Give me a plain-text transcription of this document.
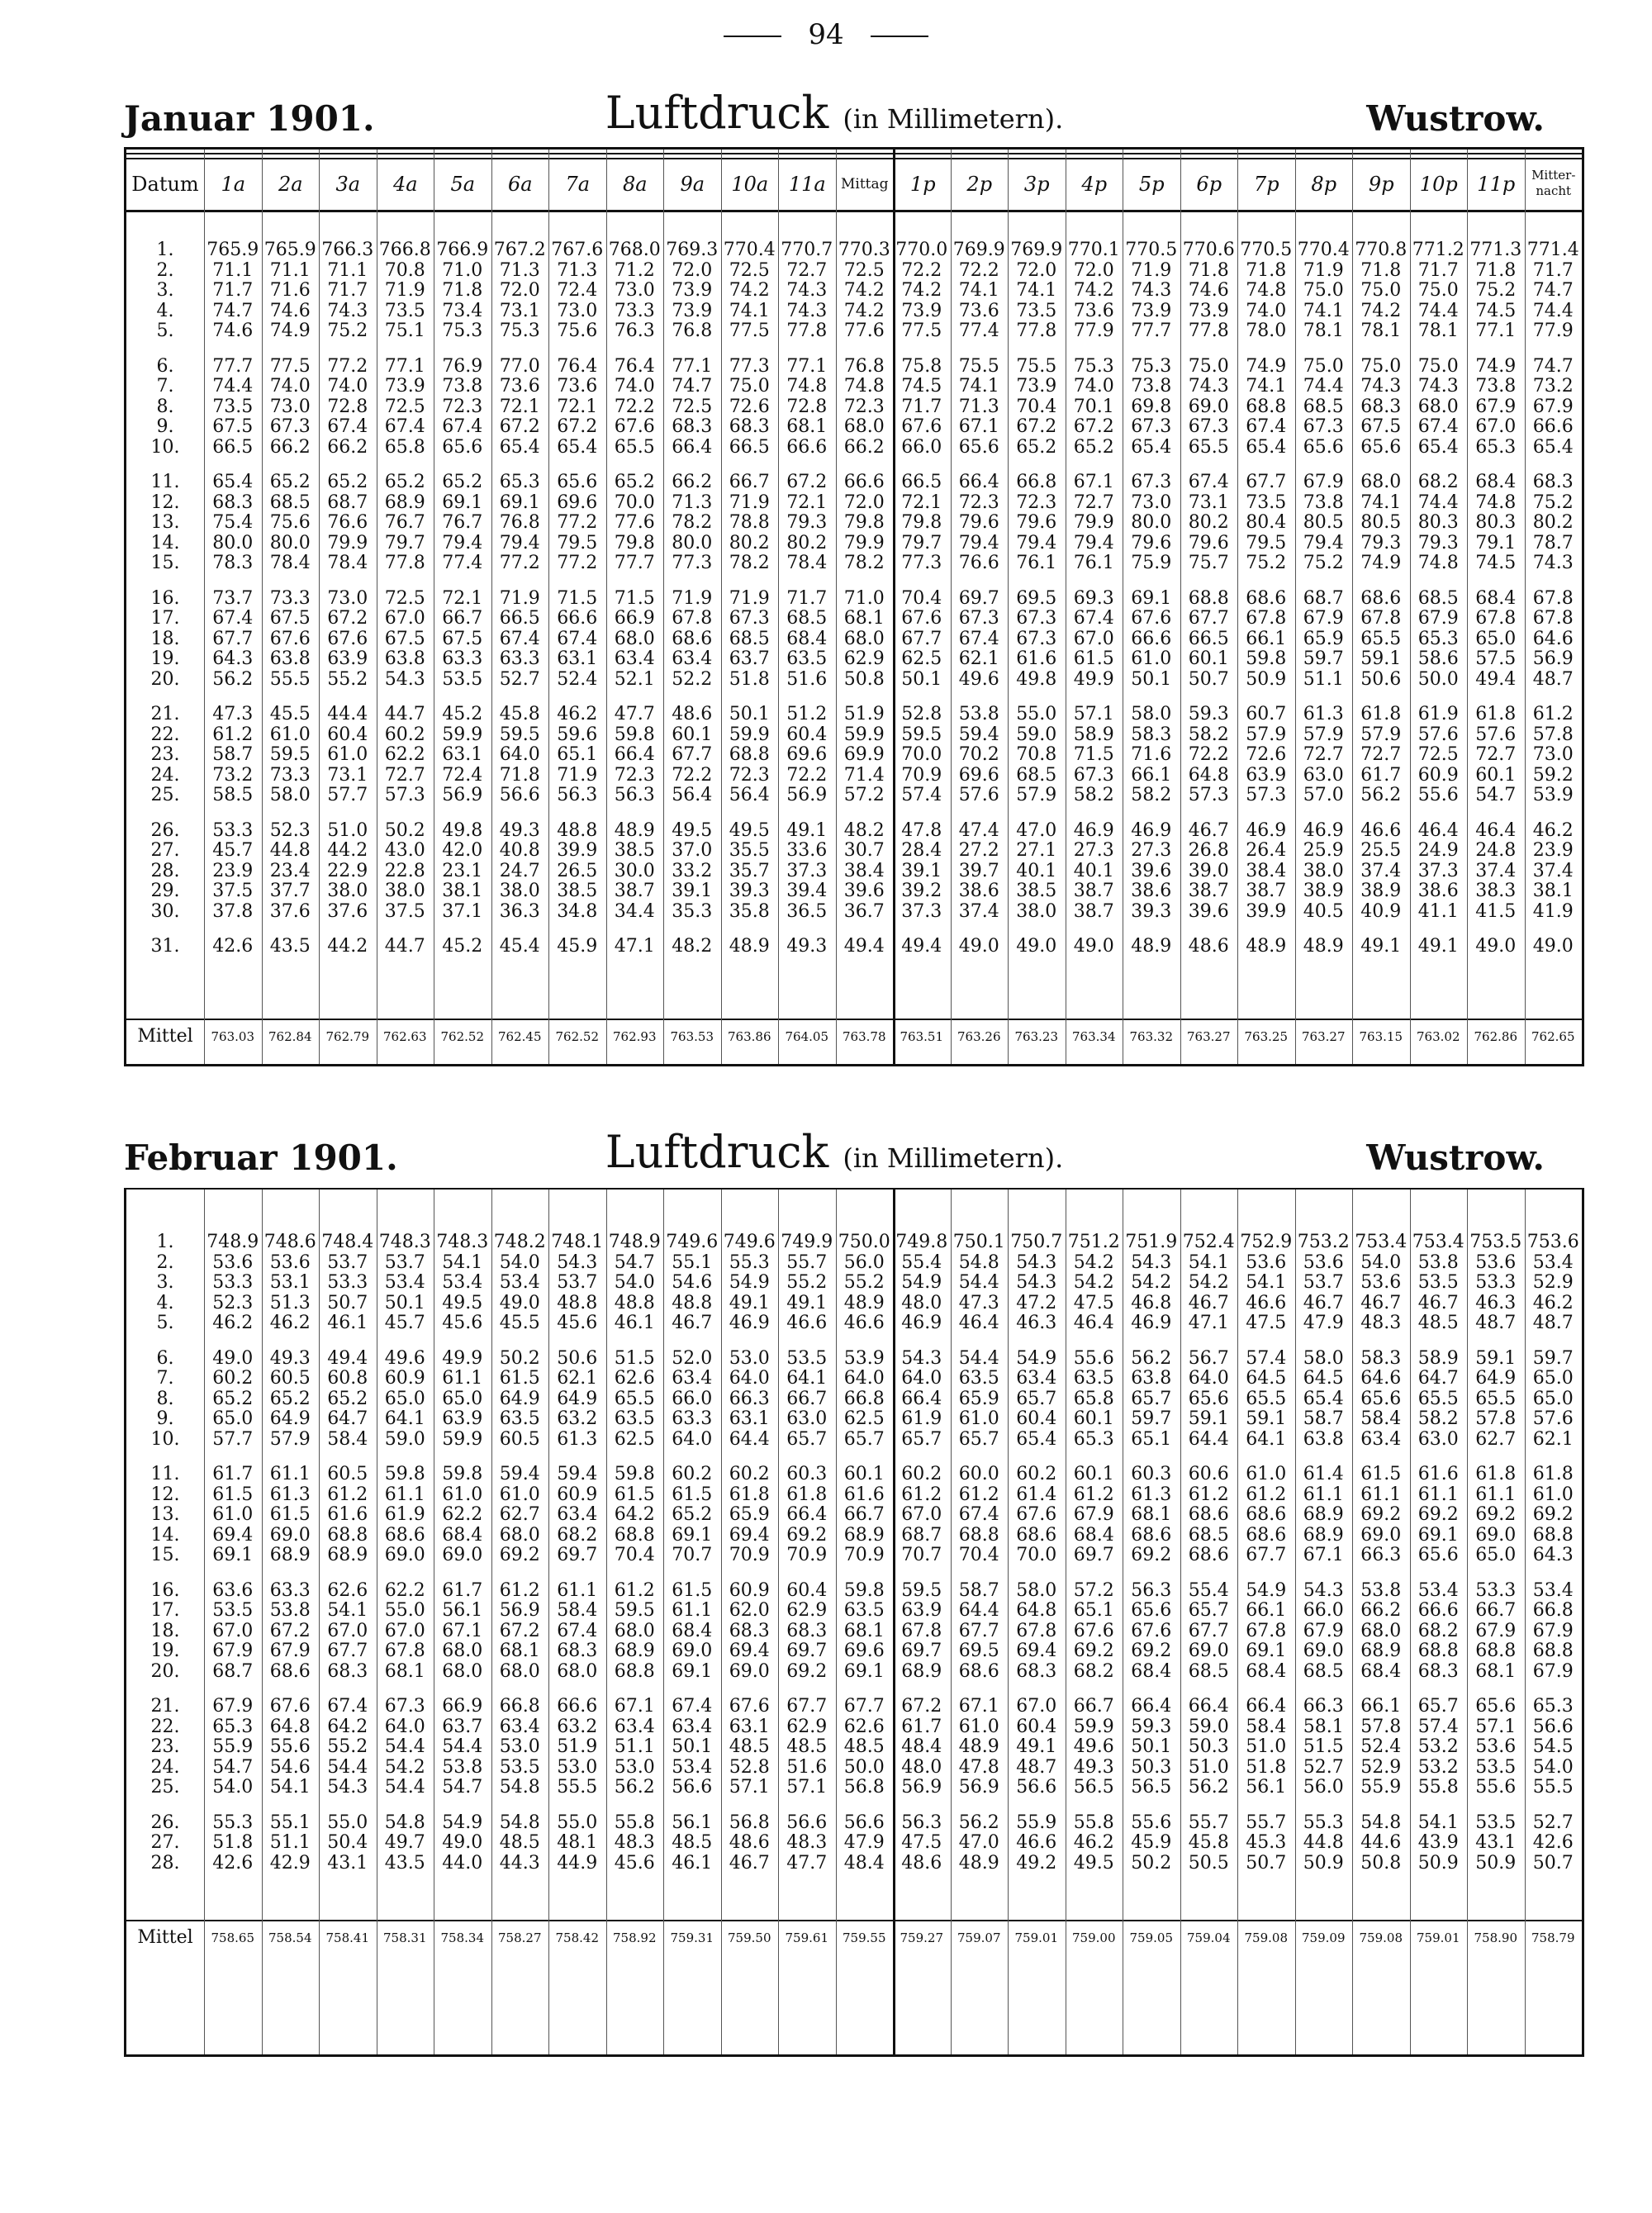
94
Januar 1901.	Luftdruck (in Millimetern).	Wustrow.
Datum	1a	2a	3a	4a	5a	6a	7a	8a	9a	10a	11a	Mittag	1p	2p	3p	4p	5p	6p	7p	8p	9p	10p 11p	Mitter-nacht
1.	765.9 765.9 766.3 766.8 766.9 767.2 767.6 768.0 769.3 770.4 770.7 770.3 770.0 769.9 769.9 770.1 770.5 770.6 770.5 770.4 770.8 771.2 771.3 771.4
2.	71.1 71.1 71.1 70.8 71.0 71.3 71.3 71.2 72.0 72.5 72.7 72.5 72.2 72.2 72.0 72.0 71.9 71.8 71.8 71.9 71.8 71.7 71.8 71.7
3.	71.7 71.6 71.7 71.9 71.8 72.0 72.4 73.0 73.9 74.2 74.3 74.2 74.2 74.1 74.1 74.2 74.3 74.6 74.8 75.0 75.0 75.0 75.2 74.7
4.	74.7 74.6 74.3 73.5 73.4 73.1 73.0 73.3 73.9 74.1 74.3 74.2 73.9 73.6 73.5 73.6 73.9 73.9 74.0 74.1 74.2 74.4 74.5 74.4
5.	74.6 74.9 75.2 75.1 75.3 75.3 75.6 76.3 76.8 77.5 77.8 77.6 77.5 77.4 77.8 77.9 77.7 77.8 78.0 78.1 78.1 78.1 77.1 77.9
6.	77.7 77.5 77.2 77.1 76.9 77.0 76.4 76.4 77.1 77.3 77.1 76.8 75.8 75.5 75.5 75.3 75.3 75.0 74.9 75.0 75.0 75.0 74.9 74.7
7.	74.4 74.0 74.0 73.9 73.8 73.6 73.6 74.0 74.7 75.0 74.8 74.8 74.5 74.1 73.9 74.0 73.8 74.3 74.1 74.4 74.3 74.3 73.8 73.2
8.	73.5 73.0 72.8 72.5 72.3 72.1 72.1 72.2 72.5 72.6 72.8 72.3 71.7 71.3 70.4 70.1 69.8 69.0 68.8 68.5 68.3 68.0 67.9 67.9
9.	67.5 67.3 67.4 67.4 67.4 67.2 67.2 67.6 68.3 68.3 68.1 68.0 67.6 67.1 67.2 67.2 67.3 67.3 67.4 67.3 67.5 67.4 67.0 66.6
10.	66.5 66.2 66.2 65.8 65.6 65.4 65.4 65.5 66.4 66.5 66.6 66.2 66.0 65.6 65.2 65.2 65.4 65.5 65.4 65.6 65.6 65.4 65.3 65.4
11.	65.4 65.2 65.2 65.2 65.2 65.3 65.6 65.2 66.2 66.7 67.2 66.6 66.5 66.4 66.8 67.1 67.3 67.4 67.7 67.9 68.0 68.2 68.4 68.3
12.	68.3 68.5 68.7 68.9 69.1 69.1 69.6 70.0 71.3 71.9 72.1 72.0 72.1 72.3 72.3 72.7 73.0 73.1 73.5 73.8 74.1 74.4 74.8 75.2
13.	75.4 75.6 76.6 76.7 76.7 76.8 77.2 77.6 78.2 78.8 79.3 79.8 79.8 79.6 79.6 79.9 80.0 80.2 80.4 80.5 80.5 80.3 80.3 80.2
14.	80.0 80.0 79.9 79.7 79.4 79.4 79.5 79.8 80.0 80.2 80.2 79.9 79.7 79.4 79.4 79.4 79.6 79.6 79.5 79.4 79.3 79.3 79.1 78.7
15.	78.3 78.4 78.4 77.8 77.4 77.2 77.2 77.7 77.3 78.2 78.4 78.2 77.3 76.6 76.1 76.1 75.9 75.7 75.2 75.2 74.9 74.8 74.5 74.3
16.	73.7 73.3 73.0 72.5 72.1 71.9 71.5 71.5 71.9 71.9 71.7 71.0 70.4 69.7 69.5 69.3 69.1 68.8 68.6 68.7 68.6 68.5 68.4 67.8
17.	67.4 67.5 67.2 67.0 66.7 66.5 66.6 66.9 67.8 67.3 68.5 68.1 67.6 67.3 67.3 67.4 67.6 67.7 67.8 67.9 67.8 67.9 67.8 67.8
18.	67.7 67.6 67.6 67.5 67.5 67.4 67.4 68.0 68.6 68.5 68.4 68.0 67.7 67.4 67.3 67.0 66.6 66.5 66.1 65.9 65.5 65.3 65.0 64.6
19.	64.3 63.8 63.9 63.8 63.3 63.3 63.1 63.4 63.4 63.7 63.5 62.9 62.5 62.1 61.6 61.5 61.0 60.1 59.8 59.7 59.1 58.6 57.5 56.9
20.	56.2 55.5 55.2 54.3 53.5 52.7 52.4 52.1 52.2 51.8 51.6 50.8 50.1 49.6 49.8 49.9 50.1 50.7 50.9 51.1 50.6 50.0 49.4 48.7
21.	47.3 45.5 44.4 44.7 45.2 45.8 46.2 47.7 48.6 50.1 51.2 51.9 52.8 53.8 55.0 57.1 58.0 59.3 60.7 61.3 61.8 61.9 61.8 61.2
22.	61.2 61.0 60.4 60.2 59.9 59.5 59.6 59.8 60.1 59.9 60.4 59.9 59.5 59.4 59.0 58.9 58.3 58.2 57.9 57.9 57.9 57.6 57.6 57.8
23.	58.7 59.5 61.0 62.2 63.1 64.0 65.1 66.4 67.7 68.8 69.6 69.9 70.0 70.2 70.8 71.5 71.6 72.2 72.6 72.7 72.7 72.5 72.7 73.0
24.	73.2 73.3 73.1 72.7 72.4 71.8 71.9 72.3 72.2 72.3 72.2 71.4 70.9 69.6 68.5 67.3 66.1 64.8 63.9 63.0 61.7 60.9 60.1 59.2
25.	58.5 58.0 57.7 57.3 56.9 56.6 56.3 56.3 56.4 56.4 56.9 57.2 57.4 57.6 57.9 58.2 58.2 57.3 57.3 57.0 56.2 55.6 54.7 53.9
26.	53.3 52.3 51.0 50.2 49.8 49.3 48.8 48.9 49.5 49.5 49.1 48.2 47.8 47.4 47.0 46.9 46.9 46.7 46.9 46.9 46.6 46.4 46.4 46.2
27.	45.7 44.8 44.2 43.0 42.0 40.8 39.9 38.5 37.0 35.5 33.6 30.7 28.4 27.2 27.1 27.3 27.3 26.8 26.4 25.9 25.5 24.9 24.8 23.9
28.	23.9 23.4 22.9 22.8 23.1 24.7 26.5 30.0 33.2 35.7 37.3 38.4 39.1 39.7 40.1 40.1 39.6 39.0 38.4 38.0 37.4 37.3 37.4 37.4
29.	37.5 37.7 38.0 38.0 38.1 38.0 38.5 38.7 39.1 39.3 39.4 39.6 39.2 38.6 38.5 38.7 38.6 38.7 38.7 38.9 38.9 38.6 38.3 38.1
30.	37.8 37.6 37.6 37.5 37.1 36.3 34.8 34.4 35.3 35.8 36.5 36.7 37.3 37.4 38.0 38.7 39.3 39.6 39.9 40.5 40.9 41.1 41.5 41.9
31.	42.6 43.5 44.2 44.7 45.2 45.4 45.9 47.1 48.2 48.9 49.3 49.4 49.4 49.0 49.0 49.0 48.9 48.6 48.9 48.9 49.1 49.1 49.0 49.0
Mittel	763.03	762.84	762.79	762.63	762.52	762.45	762.52	762.93	763.53	763.86	764.05	763.78	763.51	763.26	763.23	763.34	763.32	763.27	763.25	763.27	763.15	763.02	762.86	762.65
Februar 1901.	Luftdruck (in Millimetern).	Wustrow.
1.	748.9 748.6 748.4 748.3 748.3 748.2 748.1 748.9 749.6 749.6 749.9 750.0 749.8 750.1 750.7 751.2 751.9 752.4 752.9 753.2 753.4 753.4 753.5 753.6
2.	53.6 53.6 53.7 53.7 54.1 54.0 54.3 54.7 55.1 55.3 55.7 56.0 55.4 54.8 54.3 54.2 54.3 54.1 53.6 53.6 54.0 53.8 53.6 53.4
3.	53.3 53.1 53.3 53.4 53.4 53.4 53.7 54.0 54.6 54.9 55.2 55.2 54.9 54.4 54.3 54.2 54.2 54.2 54.1 53.7 53.6 53.5 53.3 52.9
4.	52.3 51.3 50.7 50.1 49.5 49.0 48.8 48.8 48.8 49.1 49.1 48.9 48.0 47.3 47.2 47.5 46.8 46.7 46.6 46.7 46.7 46.7 46.3 46.2
5.	46.2 46.2 46.1 45.7 45.6 45.5 45.6 46.1 46.7 46.9 46.6 46.6 46.9 46.4 46.3 46.4 46.9 47.1 47.5 47.9 48.3 48.5 48.7 48.7
6.	49.0 49.3 49.4 49.6 49.9 50.2 50.6 51.5 52.0 53.0 53.5 53.9 54.3 54.4 54.9 55.6 56.2 56.7 57.4 58.0 58.3 58.9 59.1 59.7
7.	60.2 60.5 60.8 60.9 61.1 61.5 62.1 62.6 63.4 64.0 64.1 64.0 64.0 63.5 63.4 63.5 63.8 64.0 64.5 64.5 64.6 64.7 64.9 65.0
8.	65.2 65.2 65.2 65.0 65.0 64.9 64.9 65.5 66.0 66.3 66.7 66.8 66.4 65.9 65.7 65.8 65.7 65.6 65.5 65.4 65.6 65.5 65.5 65.0
9.	65.0 64.9 64.7 64.1 63.9 63.5 63.2 63.5 63.3 63.1 63.0 62.5 61.9 61.0 60.4 60.1 59.7 59.1 59.1 58.7 58.4 58.2 57.8 57.6
10.	57.7 57.9 58.4 59.0 59.9 60.5 61.3 62.5 64.0 64.4 65.7 65.7 65.7 65.7 65.4 65.3 65.1 64.4 64.1 63.8 63.4 63.0 62.7 62.1
11.	61.7 61.1 60.5 59.8 59.8 59.4 59.4 59.8 60.2 60.2 60.3 60.1 60.2 60.0 60.2 60.1 60.3 60.6 61.0 61.4 61.5 61.6 61.8 61.8
12.	61.5 61.3 61.2 61.1 61.0 61.0 60.9 61.5 61.5 61.8 61.8 61.6 61.2 61.2 61.4 61.2 61.3 61.2 61.2 61.1 61.1 61.1 61.1 61.0
13.	61.0 61.5 61.6 61.9 62.2 62.7 63.4 64.2 65.2 65.9 66.4 66.7 67.0 67.4 67.6 67.9 68.1 68.6 68.6 68.9 69.2 69.2 69.2 69.2
14.	69.4 69.0 68.8 68.6 68.4 68.0 68.2 68.8 69.1 69.4 69.2 68.9 68.7 68.8 68.6 68.4 68.6 68.5 68.6 68.9 69.0 69.1 69.0 68.8
15.	69.1 68.9 68.9 69.0 69.0 69.2 69.7 70.4 70.7 70.9 70.9 70.9 70.7 70.4 70.0 69.7 69.2 68.6 67.7 67.1 66.3 65.6 65.0 64.3
16.	63.6 63.3 62.6 62.2 61.7 61.2 61.1 61.2 61.5 60.9 60.4 59.8 59.5 58.7 58.0 57.2 56.3 55.4 54.9 54.3 53.8 53.4 53.3 53.4
17.	53.5 53.8 54.1 55.0 56.1 56.9 58.4 59.5 61.1 62.0 62.9 63.5 63.9 64.4 64.8 65.1 65.6 65.7 66.1 66.0 66.2 66.6 66.7 66.8
18.	67.0 67.2 67.0 67.0 67.1 67.2 67.4 68.0 68.4 68.3 68.3 68.1 67.8 67.7 67.8 67.6 67.6 67.7 67.8 67.9 68.0 68.2 67.9 67.9
19.	67.9 67.9 67.7 67.8 68.0 68.1 68.3 68.9 69.0 69.4 69.7 69.6 69.7 69.5 69.4 69.2 69.2 69.0 69.1 69.0 68.9 68.8 68.8 68.8
20.	68.7 68.6 68.3 68.1 68.0 68.0 68.0 68.8 69.1 69.0 69.2 69.1 68.9 68.6 68.3 68.2 68.4 68.5 68.4 68.5 68.4 68.3 68.1 67.9
21.	67.9 67.6 67.4 67.3 66.9 66.8 66.6 67.1 67.4 67.6 67.7 67.7 67.2 67.1 67.0 66.7 66.4 66.4 66.4 66.3 66.1 65.7 65.6 65.3
22.	65.3 64.8 64.2 64.0 63.7 63.4 63.2 63.4 63.4 63.1 62.9 62.6 61.7 61.0 60.4 59.9 59.3 59.0 58.4 58.1 57.8 57.4 57.1 56.6
23.	55.9 55.6 55.2 54.4 54.4 53.0 51.9 51.1 50.1 48.5 48.5 48.5 48.4 48.9 49.1 49.6 50.1 50.3 51.0 51.5 52.4 53.2 53.6 54.5
24.	54.7 54.6 54.4 54.2 53.8 53.5 53.0 53.0 53.4 52.8 51.6 50.0 48.0 47.8 48.7 49.3 50.3 51.0 51.8 52.7 52.9 53.2 53.5 54.0
25.	54.0 54.1 54.3 54.4 54.7 54.8 55.5 56.2 56.6 57.1 57.1 56.8 56.9 56.9 56.6 56.5 56.5 56.2 56.1 56.0 55.9 55.8 55.6 55.5
26.	55.3 55.1 55.0 54.8 54.9 54.8 55.0 55.8 56.1 56.8 56.6 56.6 56.3 56.2 55.9 55.8 55.6 55.7 55.7 55.3 54.8 54.1 53.5 52.7
27.	51.8 51.1 50.4 49.7 49.0 48.5 48.1 48.3 48.5 48.6 48.3 47.9 47.5 47.0 46.6 46.2 45.9 45.8 45.3 44.8 44.6 43.9 43.1 42.6
28.	42.6 42.9 43.1 43.5 44.0 44.3 44.9 45.6 46.1 46.7 47.7 48.4 48.6 48.9 49.2 49.5 50.2 50.5 50.7 50.9 50.8 50.9 50.9 50.7
Mittel	758.65	758.54	758.41	758.31	758.34	758.27	758.42	758.92	759.31	759.50	759.61	759.55	759.27	759.07	759.01	759.00	759.05	759.04	759.08	759.09	759.08	759.01	758.90	758.79
